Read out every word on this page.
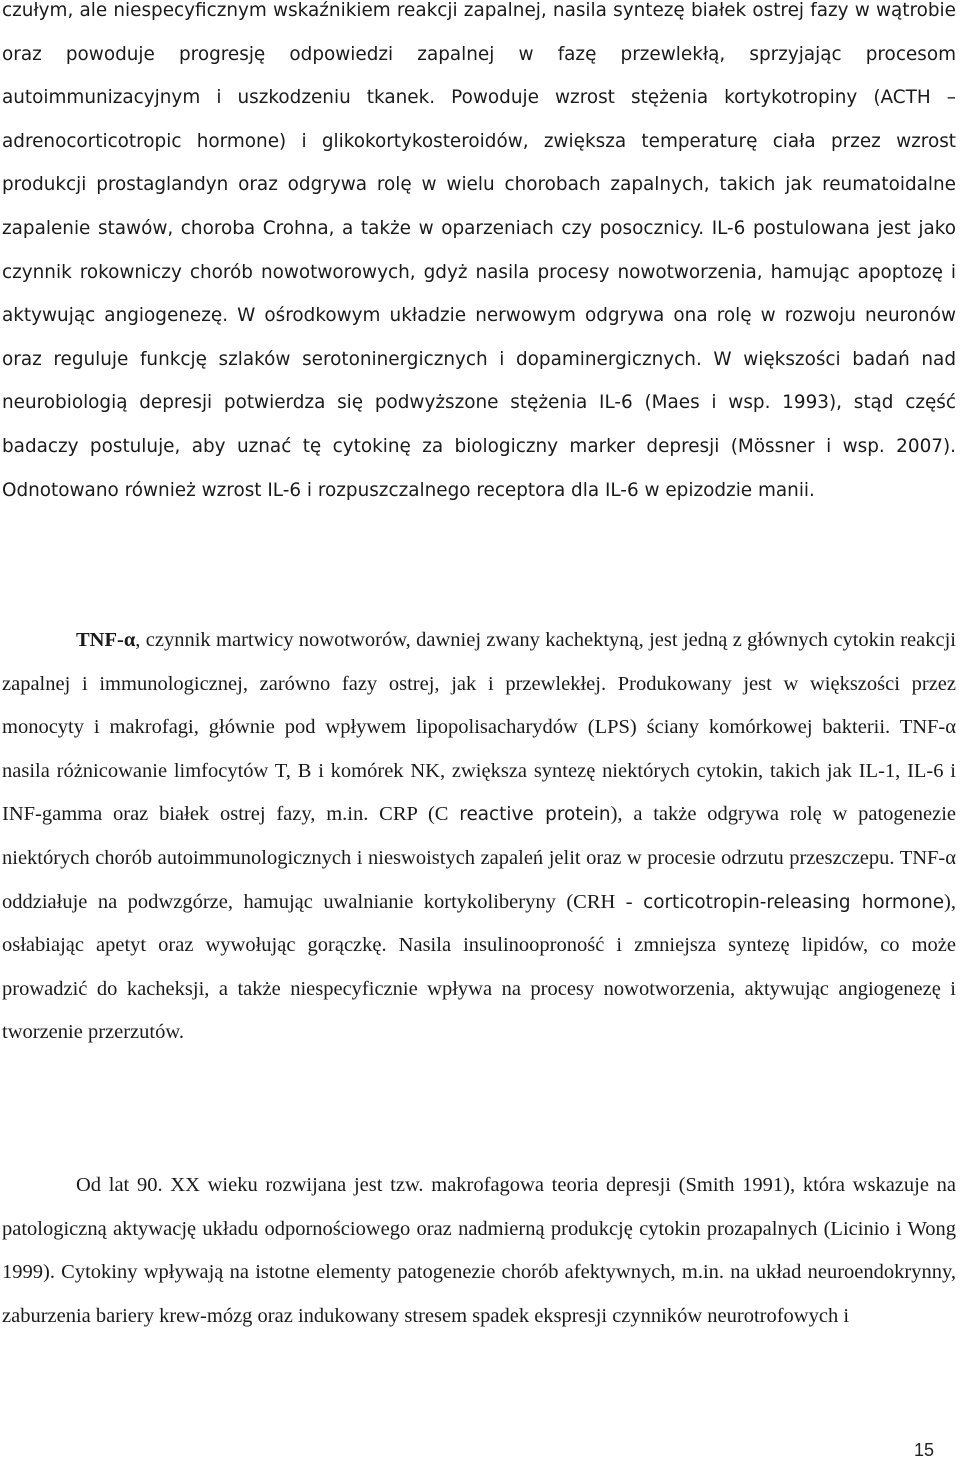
czułym, ale niespecyficznym wskaźnikiem reakcji zapalnej, nasila syntezę białek ostrej fazy w wątrobie oraz powoduje progresję odpowiedzi zapalnej w fazę przewlekłą, sprzyjając procesom autoimmunizacyjnym i uszkodzeniu tkanek. Powoduje wzrost stężenia kortykotropiny (ACTH – adrenocorticotropic hormone) i glikokortykosteroidów, zwiększa temperaturę ciała przez wzrost produkcji prostaglandyn oraz odgrywa rolę w wielu chorobach zapalnych, takich jak reumatoidalne zapalenie stawów, choroba Crohna, a także w oparzeniach czy posocznicy. IL-6 postulowana jest jako czynnik rokowniczy chorób nowotworowych, gdyż nasila procesy nowotworzenia, hamując apoptozę i aktywując angiogenezę. W ośrodkowym układzie nerwowym odgrywa ona rolę w rozwoju neuronów oraz reguluje funkcję szlaków serotoninergicznych i dopaminergicznych. W większości badań nad neurobiologią depresji potwierdza się podwyższone stężenia IL-6 (Maes i wsp. 1993), stąd część badaczy postuluje, aby uznać tę cytokinę za biologiczny marker depresji (Mössner i wsp. 2007). Odnotowano również wzrost IL-6 i rozpuszczalnego receptora dla IL-6 w epizodzie manii.

TNF-α, czynnik martwicy nowotworów, dawniej zwany kachektyną, jest jedną z głównych cytokin reakcji zapalnej i immunologicznej, zarówno fazy ostrej, jak i przewlekłej. Produkowany jest w większości przez monocyty i makrofagi, głównie pod wpływem lipopolisacharydów (LPS) ściany komórkowej bakterii. TNF-α nasila różnicowanie limfocytów T, B i komórek NK, zwiększa syntezę niektórych cytokin, takich jak IL-1, IL-6 i INF-gamma oraz białek ostrej fazy, m.in. CRP (C reactive protein), a także odgrywa rolę w patogenezie niektórych chorób autoimmunologicznych i nieswoistych zapaleń jelit oraz w procesie odrzutu przeszczepu. TNF-α oddziałuje na podwzgórze, hamując uwalnianie kortykoliberyny (CRH - corticotropin-releasing hormone), osłabiając apetyt oraz wywołując gorączkę. Nasila insulinooproność i zmniejsza syntezę lipidów, co może prowadzić do kacheksji, a także niespecyficznie wpływa na procesy nowotworzenia, aktywując angiogenezę i tworzenie przerzutów.

Od lat 90. XX wieku rozwijana jest tzw. makrofagowa teoria depresji (Smith 1991), która wskazuje na patologiczną aktywację układu odpornościowego oraz nadmierną produkcję cytokin prozapalnych (Licinio i Wong 1999). Cytokiny wpływają na istotne elementy patogenezie chorób afektywnych, m.in. na układ neuroendokrynny, zaburzenia bariery krew-mózg oraz indukowany stresem spadek ekspresji czynników neurotrofowych i

15
